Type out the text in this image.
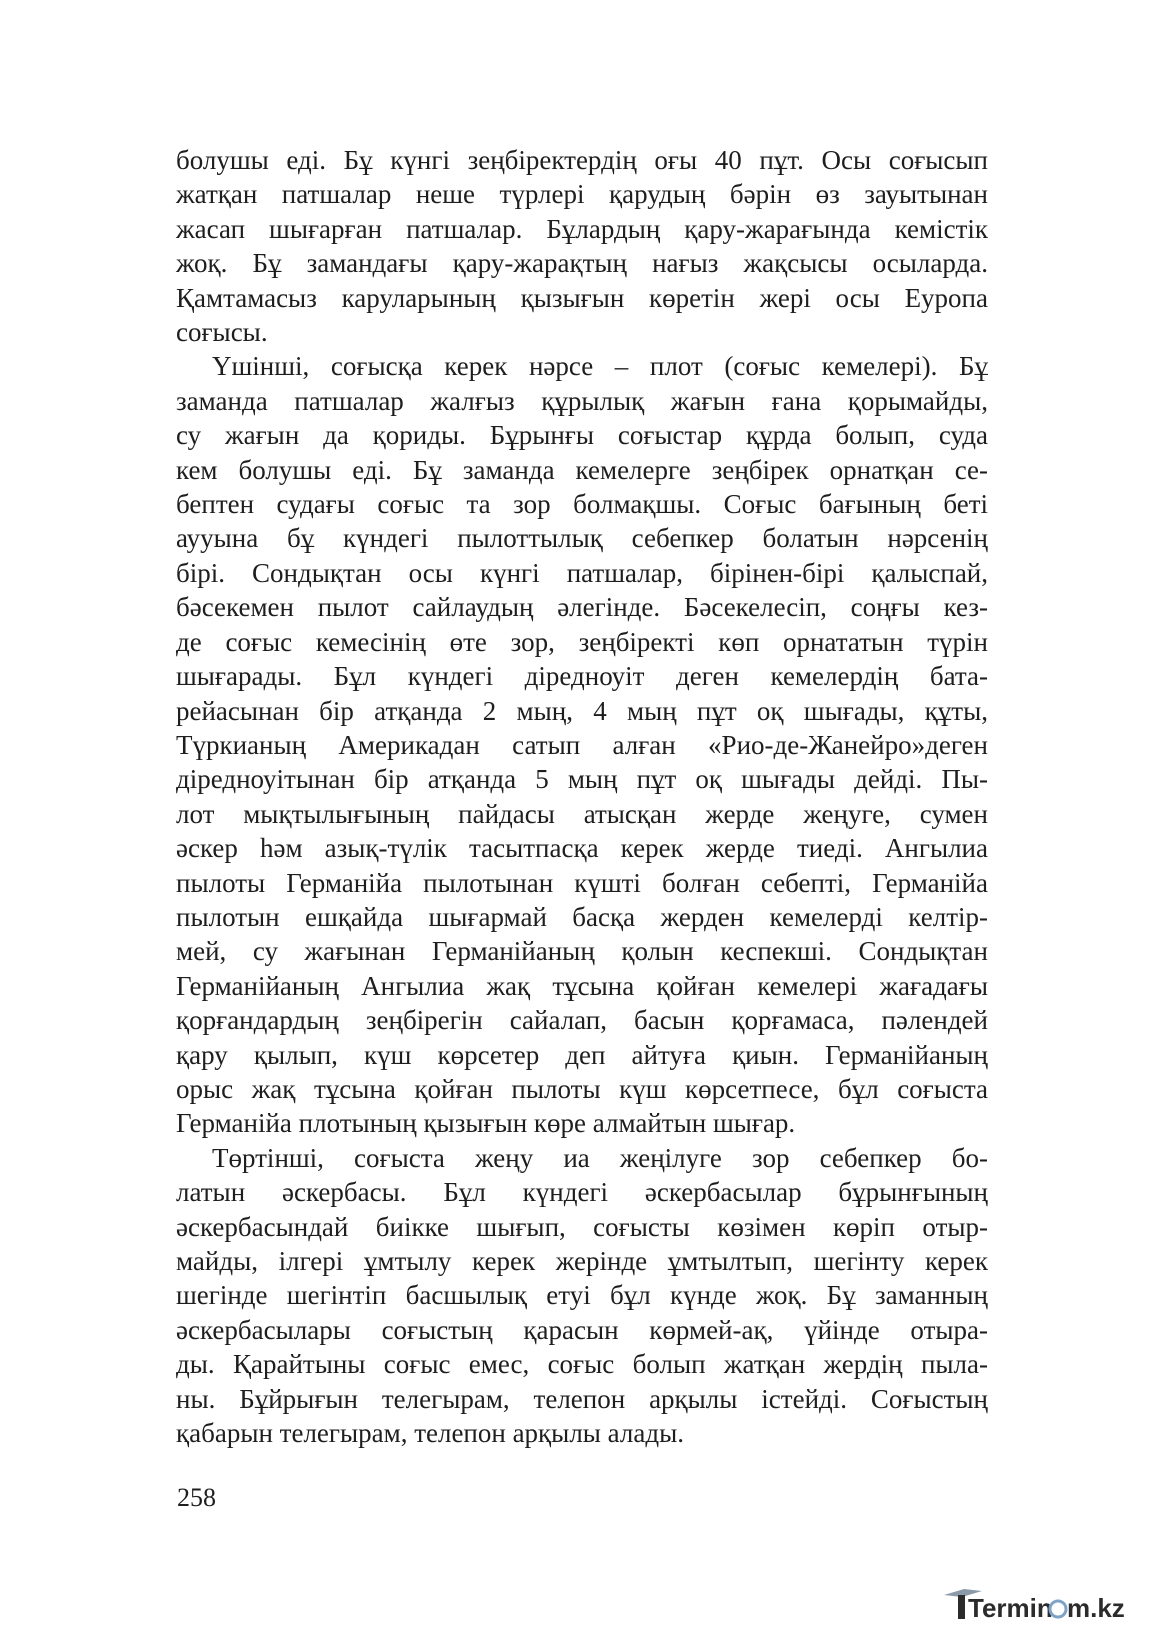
болушы еді. Бұ күнгі зеңбіректердің оғы 40 пұт. Осы соғысып
жатқан патшалар неше түрлері қарудың бәрін өз зауытынан
жасап шығарған патшалар. Бұлардың қару-жарағында кемістік
жоқ. Бұ замандағы қару-жарақтың нағыз жақсысы осыларда.
Қамтамасыз каруларының қызығын көретін жері осы Еуропа
соғысы.
Үшінші, соғысқа керек нәрсе – плот (соғыс кемелері). Бұ
заманда патшалар жалғыз құрылық жағын ғана қорымайды,
су жағын да қориды. Бұрынғы соғыстар құрда болып, суда
кем болушы еді. Бұ заманда кемелерге зеңбірек орнатқан се-
бептен судағы соғыс та зор болмақшы. Соғыс бағының беті
аууына бұ күндегі пылоттылық себепкер болатын нәрсенің
бірі. Сондықтан осы күнгі патшалар, бірінен-бірі қалыспай,
бәсекемен пылот сайлаудың әлегінде. Бәсекелесіп, соңғы кез-
де соғыс кемесінің өте зор, зеңбіректі көп орнататын түрін
шығарады. Бұл күндегі діредноуіт деген кемелердің бата-
рейасынан бір атқанда 2 мың, 4 мың пұт оқ шығады, құты,
Түркианың Америкадан сатып алған «Рио-де-Жанейро»деген
діредноуітынан бір атқанда 5 мың пұт оқ шығады дейді. Пы-
лот мықтылығының пайдасы атысқан жерде жеңуге, сумен
әскер һәм азық-түлік тасытпасқа керек жерде тиеді. Ангылиа
пылоты Германійа пылотынан күшті болған себепті, Германійа
пылотын ешқайда шығармай басқа жерден кемелерді келтір-
мей, су жағынан Германійаның қолын кеспекші. Сондықтан
Германійаның Ангылиа жақ тұсына қойған кемелері жағадағы
қорғандардың зеңбірегін сайалап, басын қорғамаса, пәлендей
қару қылып, күш көрсетер деп айтуға қиын. Германійаның
орыс жақ тұсына қойған пылоты күш көрсетпесе, бұл соғыста
Германійа плотының қызығын көре алмайтын шығар.
Төртінші, соғыста жеңу иа жеңілуге зор себепкер бо-
латын әскербасы. Бұл күндегі әскербасылар бұрынғының
әскербасындай биікке шығып, соғысты көзімен көріп отыр-
майды, ілгері ұмтылу керек жерінде ұмтылтып, шегінту керек
шегінде шегінтіп басшылық етуі бұл күнде жоқ. Бұ заманның
әскербасылары соғыстың қарасын көрмей-ақ, үйінде отыра-
ды. Қарайтыны соғыс емес, соғыс болып жатқан жердің пыла-
ны. Бұйрығын телегырам, телепон арқылы істейді. Соғыстың
қабарын телегырам, телепон арқылы алады.
258
Termin m.kz
